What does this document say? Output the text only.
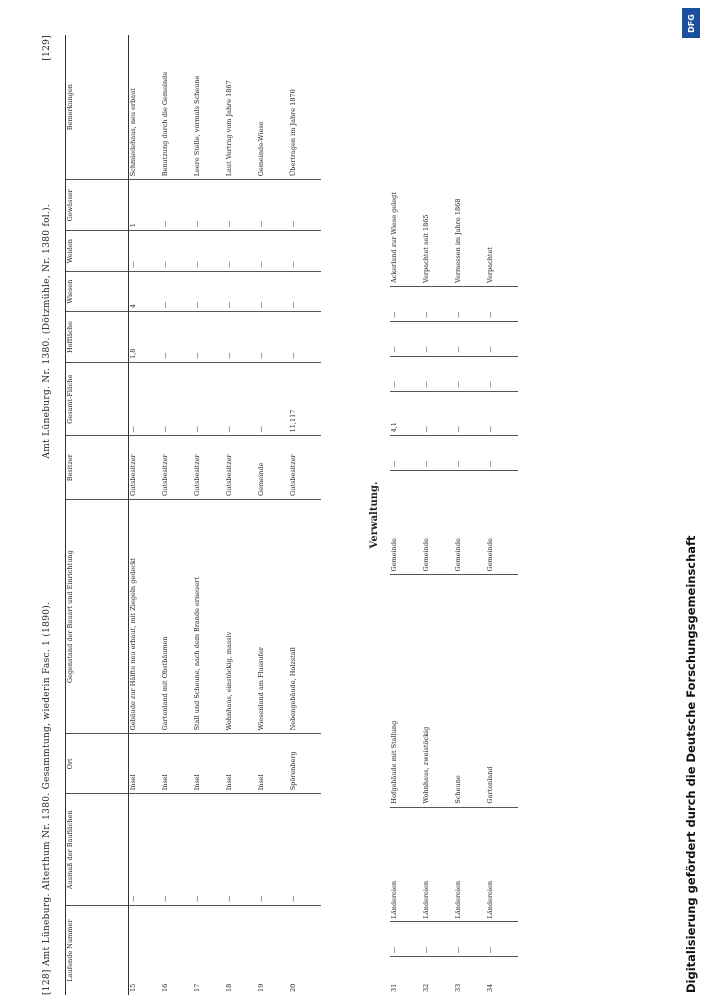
[128] Amt Lüneburg. Alterthum Nr. 1380. Gesammtung, wiederin Fasc. 1 (1890).
Amt Lüneburg. Nr. 1380. (Dötzmühle, Nr. 1380 fol.).
[129]
Laufende Nummer	Ausmaß der Bauflächen	Ort	Gegenstand der Bauart und Einrichtung	Besitzer	Gesamt-Fläche	Hoffläche	Wiesen	Weiden	Gewässer	Bemerkungen
15	—	Insel	Gebäude zur Hälfte neu erbaut, mit Ziegeln gedeckt	Gutsbesitzer	—	1,8	4	—	1	Schmiedehaus, neu erbaut
16	—	Insel	Gartenland mit Obstbäumen	Gutsbesitzer	—	—	—	—	—	Benutzung durch die Gemeinde
17	—	Insel	Stall und Scheune, nach dem Brande erneuert	Gutsbesitzer	—	—	—	—	—	Leere Stelle, vormals Scheune
18	—	Insel	Wohnhaus, einstöckig, massiv	Gutsbesitzer	—	—	—	—	—	Laut Vertrag vom Jahre 1867
19	—	Insel	Wiesenland am Flussufer	Gemeinde	—	—	—	—	—	Gemeinde-Wiese
20	—	Spörenberg	Nebengebäude, Holzstall	Gutsbesitzer	11,117	—	—	—	—	Übertragen im Jahre 1870
Verwaltung.
31	—	Ländereien	Hofgebäude mit Stallung	Gemeinde	—	4,1	—	—	—	Ackerland zur Wiese gelegt
32	—	Ländereien	Wohnhaus, zweistöckig	Gemeinde	—	—	—	—	—	Verpachtet seit 1865
33	—	Ländereien	Scheune	Gemeinde	—	—	—	—	—	Vermessen im Jahre 1868
34	—	Ländereien	Gartenland	Gemeinde	—	—	—	—	—	Verpachtet
DFG
Digitalisierung gefördert durch die Deutsche Forschungsgemeinschaft
